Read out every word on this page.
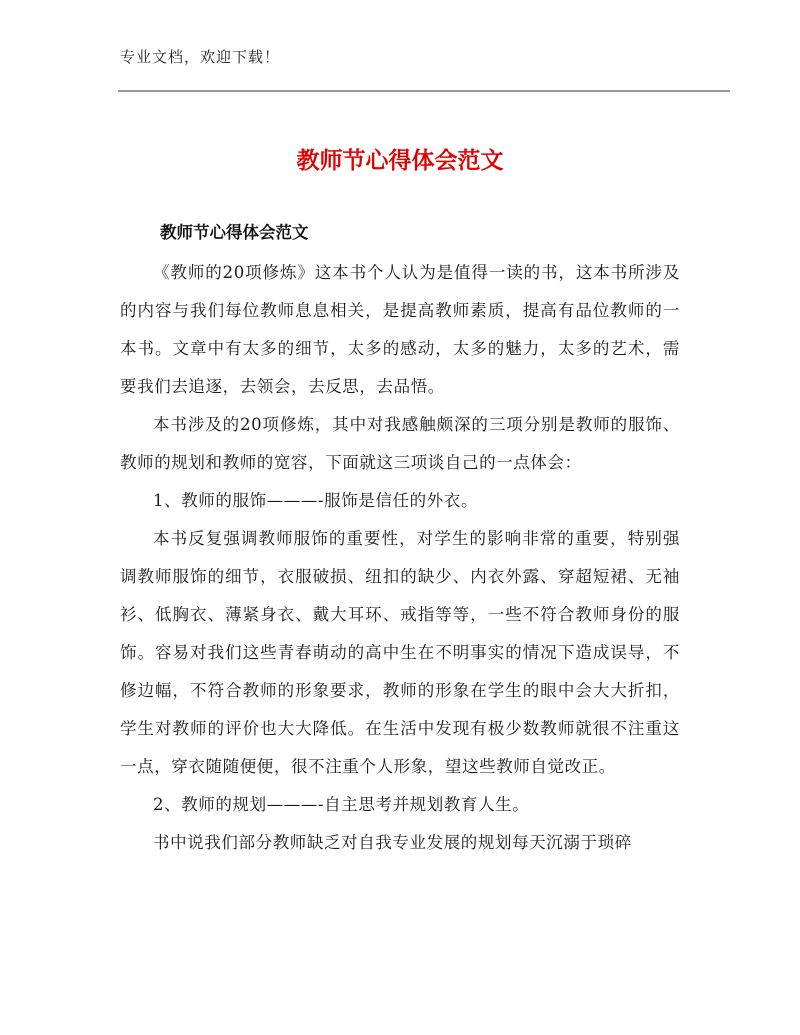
专业文档，欢迎下载！

教师节心得体会范文
教师节心得体会范文

《教师的20项修炼》这本书个人认为是值得一读的书，这本书所涉及的内容与我们每位教师息息相关，是提高教师素质，提高有品位教师的一本书。文章中有太多的细节，太多的感动，太多的魅力，太多的艺术，需要我们去追逐，去领会，去反思，去品悟。

本书涉及的20项修炼，其中对我感触颇深的三项分别是教师的服饰、教师的规划和教师的宽容，下面就这三项谈自己的一点体会：

1、教师的服饰———-服饰是信任的外衣。

本书反复强调教师服饰的重要性，对学生的影响非常的重要，特别强调教师服饰的细节，衣服破损、纽扣的缺少、内衣外露、穿超短裙、无袖衫、低胸衣、薄紧身衣、戴大耳环、戒指等等，一些不符合教师身份的服饰。容易对我们这些青春萌动的高中生在不明事实的情况下造成误导，不修边幅，不符合教师的形象要求，教师的形象在学生的眼中会大大折扣，学生对教师的评价也大大降低。在生活中发现有极少数教师就很不注重这一点，穿衣随随便便，很不注重个人形象，望这些教师自觉改正。

2、教师的规划———-自主思考并规划教育人生。

书中说我们部分教师缺乏对自我专业发展的规划每天沉溺于琐碎
